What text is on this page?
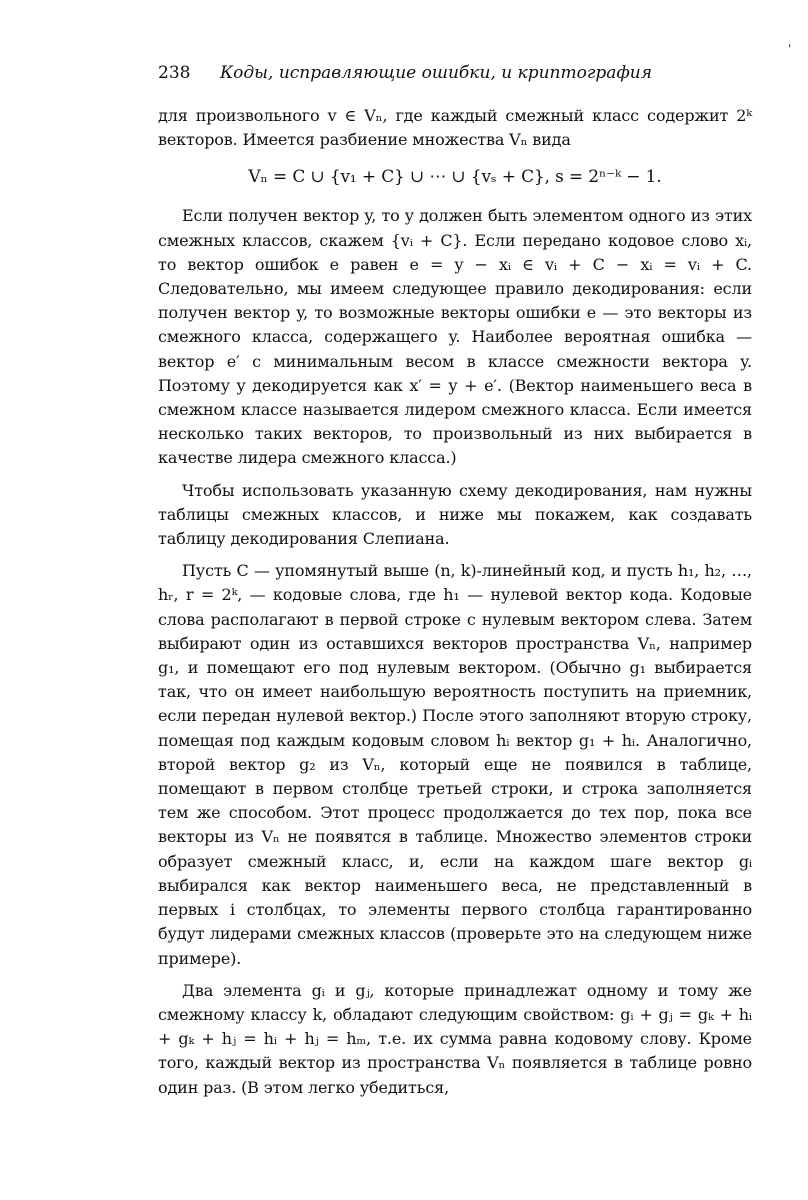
'
238 Коды, исправляющие ошибки, и криптография

для произвольного v ∈ Vₙ, где каждый смежный класс содержит 2ᵏ векторов. Имеется разбиение множества Vₙ вида

Vₙ = C ∪ {v₁ + C} ∪ ⋯ ∪ {vₛ + C}, s = 2ⁿ⁻ᵏ − 1.

Если получен вектор y, то y должен быть элементом одного из этих смежных классов, скажем {vᵢ + C}. Если передано кодовое слово xᵢ, то вектор ошибок e равен e = y − xᵢ ∈ vᵢ + C − xᵢ = vᵢ + C. Следовательно, мы имеем следующее правило декодирования: если получен вектор y, то возможные векторы ошибки e — это векторы из смежного класса, содержащего y. Наиболее вероятная ошибка — вектор e′ с минимальным весом в классе смежности вектора y. Поэтому y декодируется как x′ = y + e′. (Вектор наименьшего веса в смежном классе называется лидером смежного класса. Если имеется несколько таких векторов, то произвольный из них выбирается в качестве лидера смежного класса.)

Чтобы использовать указанную схему декодирования, нам нужны таблицы смежных классов, и ниже мы покажем, как создавать таблицу декодирования Слепиана.

Пусть C — упомянутый выше (n, k)-линейный код, и пусть h₁, h₂, …, hᵣ, r = 2ᵏ, — кодовые слова, где h₁ — нулевой вектор кода. Кодовые слова располагают в первой строке с нулевым вектором слева. Затем выбирают один из оставшихся векторов пространства Vₙ, например g₁, и помещают его под нулевым вектором. (Обычно g₁ выбирается так, что он имеет наибольшую вероятность поступить на приемник, если передан нулевой вектор.) После этого заполняют вторую строку, помещая под каждым кодовым словом hᵢ вектор g₁ + hᵢ. Аналогично, второй вектор g₂ из Vₙ, который еще не появился в таблице, помещают в первом столбце третьей строки, и строка заполняется тем же способом. Этот процесс продолжается до тех пор, пока все векторы из Vₙ не появятся в таблице. Множество элементов строки образует смежный класс, и, если на каждом шаге вектор gᵢ выбирался как вектор наименьшего веса, не представленный в первых i столбцах, то элементы первого столбца гарантированно будут лидерами смежных классов (проверьте это на следующем ниже примере).

Два элемента gᵢ и gⱼ, которые принадлежат одному и тому же смежному классу k, обладают следующим свойством: gᵢ + gⱼ = gₖ + hᵢ + gₖ + hⱼ = hᵢ + hⱼ = hₘ, т.е. их сумма равна кодовому слову. Кроме того, каждый вектор из пространства Vₙ появляется в таблице ровно один раз. (В этом легко убедиться,
